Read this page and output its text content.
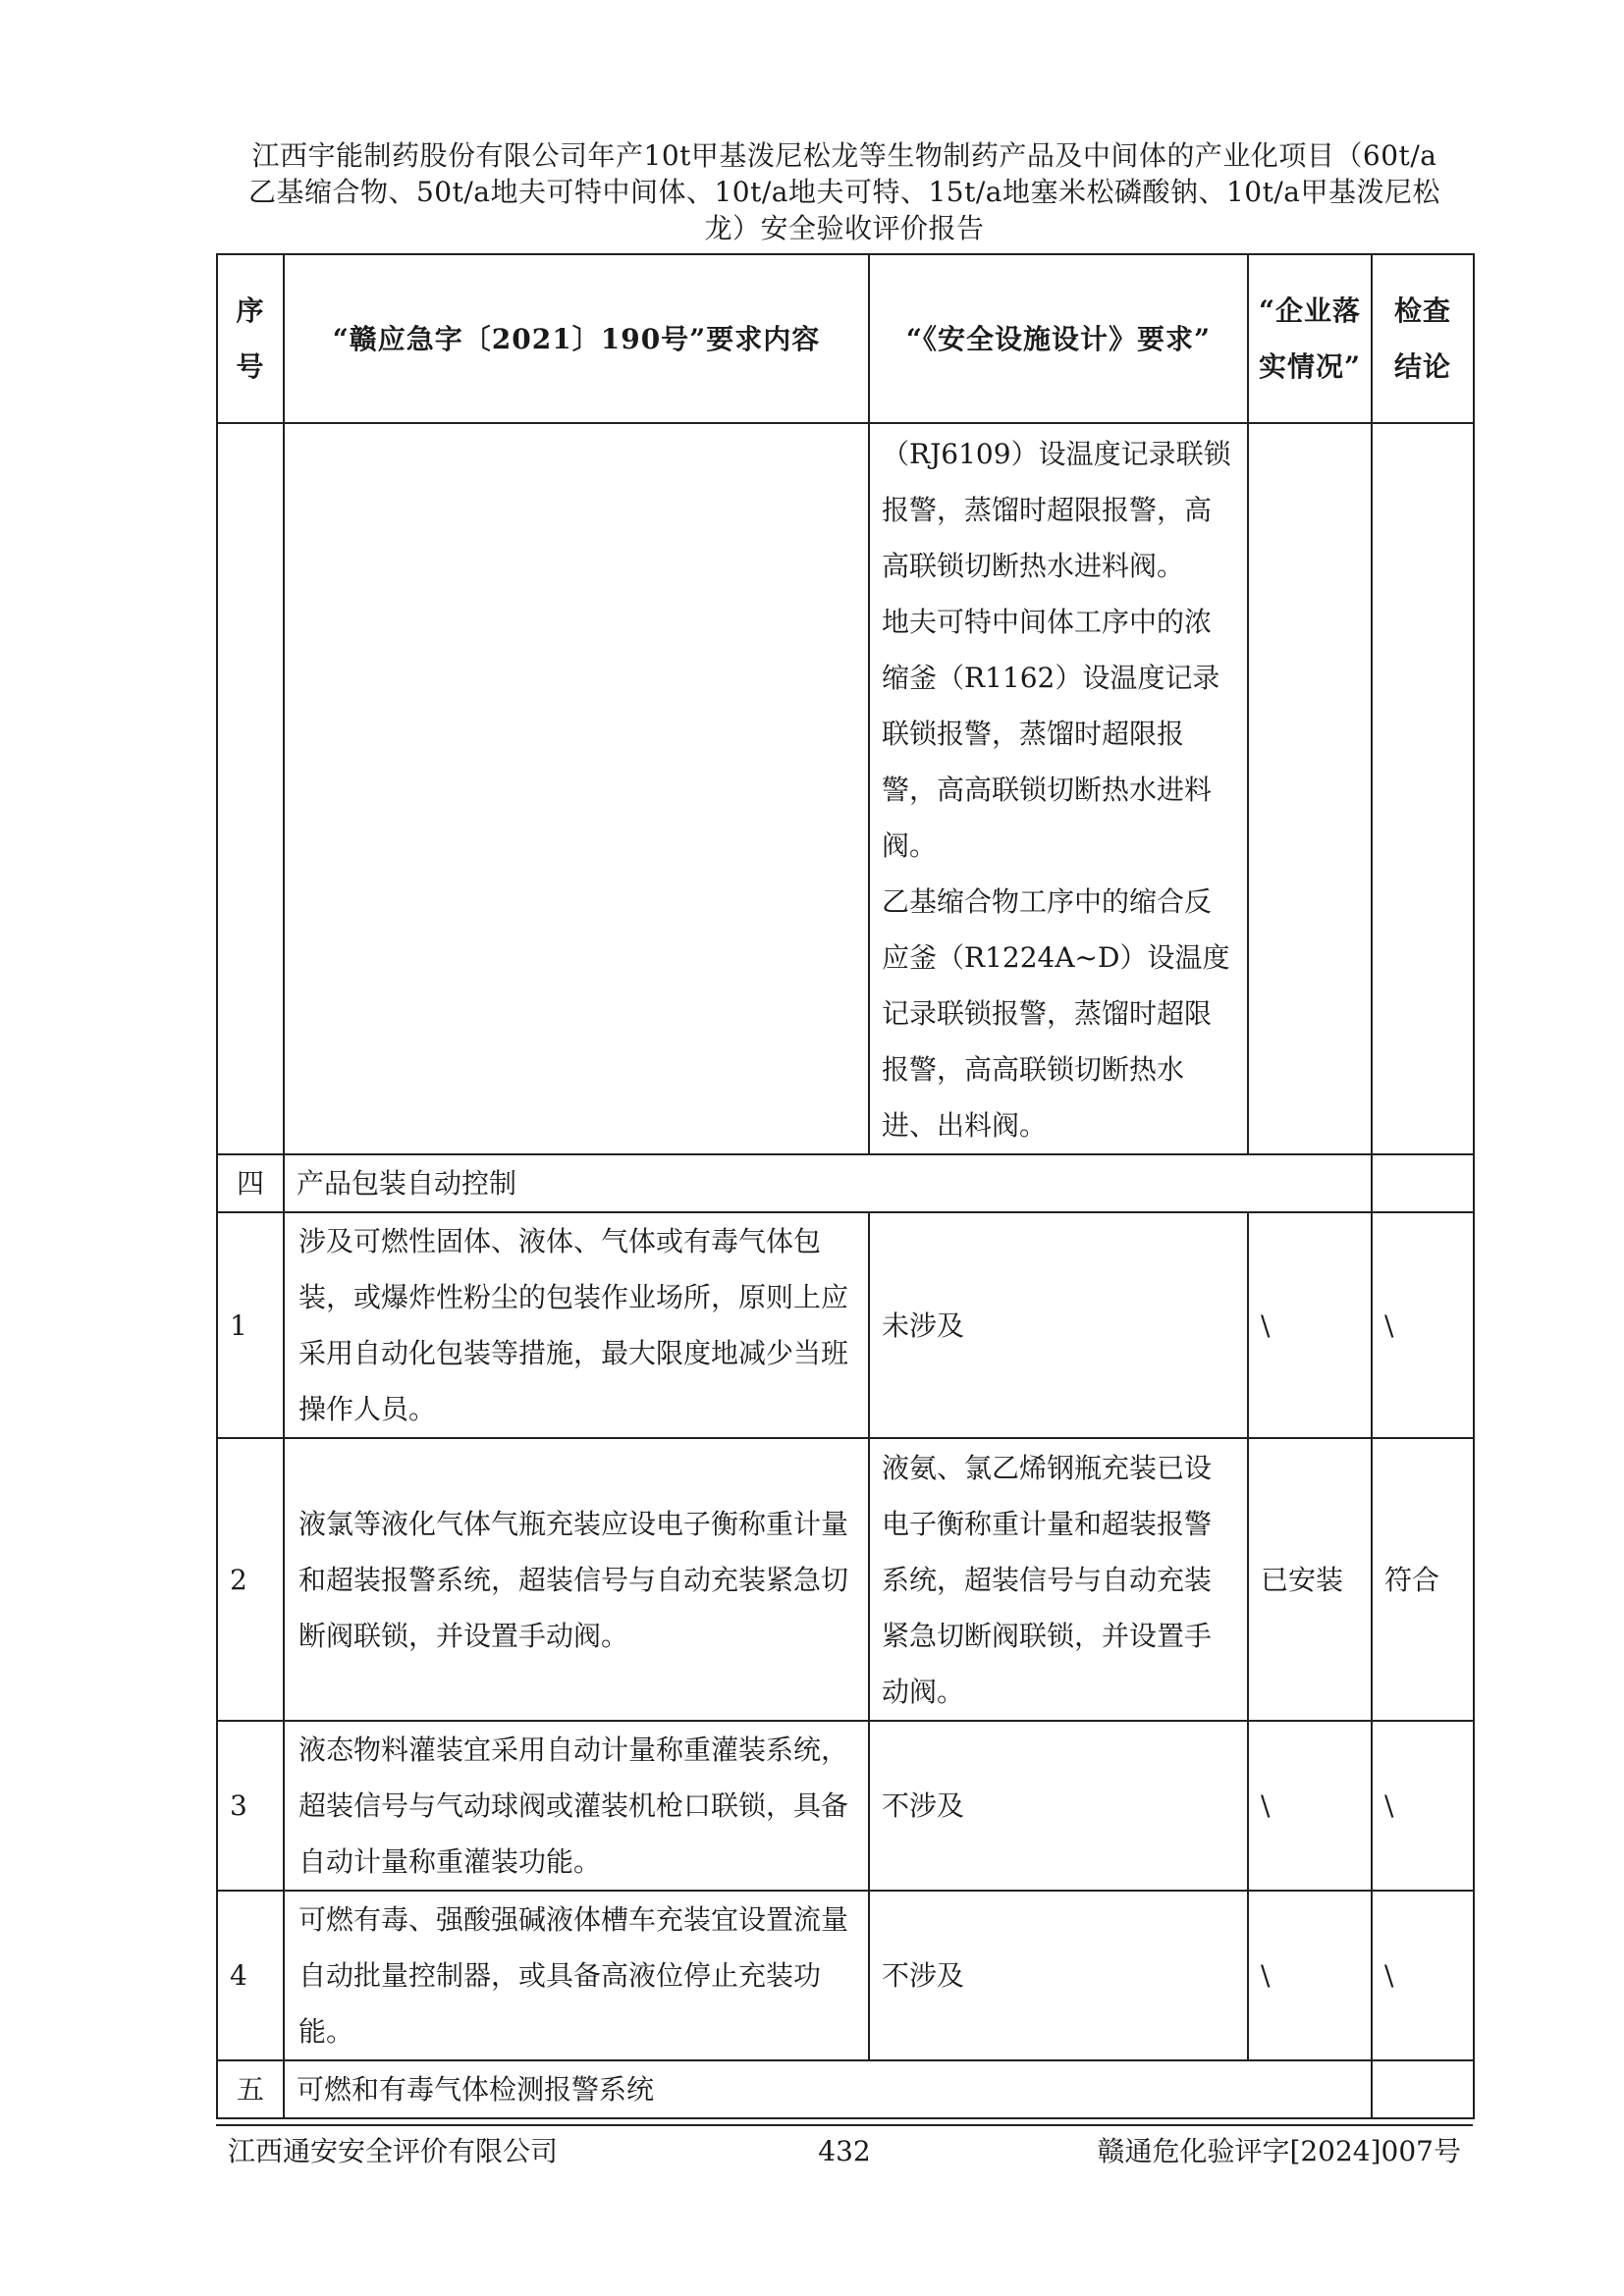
江西宇能制药股份有限公司年产10t甲基泼尼松龙等生物制药产品及中间体的产业化项目（60t/a
乙基缩合物、50t/a地夫可特中间体、10t/a地夫可特、15t/a地塞米松磷酸钠、10t/a甲基泼尼松
龙）安全验收评价报告
序号	“赣应急字〔2021〕190号”要求内容	“《安全设施设计》要求”	“企业落实情况”	检查结论

		（RJ6109）设温度记录联锁报警，蒸馏时超限报警，高高联锁切断热水进料阀。
地夫可特中间体工序中的浓缩釜（R1162）设温度记录联锁报警，蒸馏时超限报警，高高联锁切断热水进料阀。
乙基缩合物工序中的缩合反应釜（R1224A~D）设温度记录联锁报警，蒸馏时超限报警，高高联锁切断热水进、出料阀。		

四	产品包装自动控制			
1	涉及可燃性固体、液体、气体或有毒气体包装，或爆炸性粉尘的包装作业场所，原则上应采用自动化包装等措施，最大限度地减少当班操作人员。	未涉及	\	\
2	液氯等液化气体气瓶充装应设电子衡称重计量和超装报警系统，超装信号与自动充装紧急切断阀联锁，并设置手动阀。	液氨、氯乙烯钢瓶充装已设电子衡称重计量和超装报警系统，超装信号与自动充装紧急切断阀联锁，并设置手动阀。	已安装	符合
3	液态物料灌装宜采用自动计量称重灌装系统，超装信号与气动球阀或灌装机枪口联锁，具备自动计量称重灌装功能。	不涉及	\	\
4	可燃有毒、强酸强碱液体槽车充装宜设置流量自动批量控制器，或具备高液位停止充装功能。	不涉及	\	\
五	可燃和有毒气体检测报警系统			
江西通安安全评价有限公司	432	赣通危化验评字[2024]007号
